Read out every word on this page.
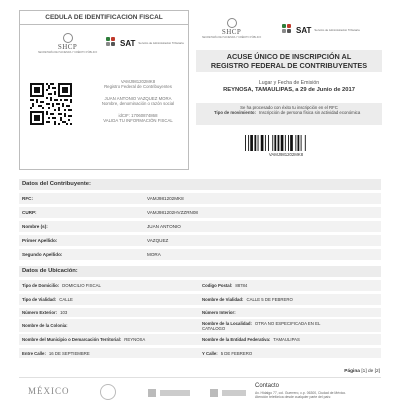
CEDULA DE IDENTIFICACION FISCAL
SHCP
SECRETARÍA DE HACIENDA Y CRÉDITO PÚBLICO
SAT Servicio de Administración Tributaria
VAMJ981202MK8
Registro Federal de Contribuyentes
JUAN ANTONIO VAZQUEZ MORA
Nombre, denominación o razón social
idCIF: 17060874868
VALIDA TU INFORMACIÓN FISCAL
SHCP
SECRETARÍA DE HACIENDA Y CRÉDITO PÚBLICO
SAT Servicio de Administración Tributaria
ACUSE ÚNICO DE INSCRIPCIÓN AL
REGISTRO FEDERAL DE CONTRIBUYENTES
Lugar y Fecha de Emisión
REYNOSA, TAMAULIPAS, a 29 de Junio de 2017
Se ha procesado con éxito tu inscripción en el RFC
Tipo de movimiento: Inscripción de persona física sin actividad económica
VAMJ981202MK8
Datos del Contribuyente:
RFC:	VAMJ981202MK8
CURP:	VAMJ981202HVZZRN08
Nombre (s):	JUAN ANTONIO
Primer Apellido:	VAZQUEZ
Segundo Apellido:	MORA
Datos de Ubicación:
Tipo de Domicilio: DOMICILIO FISCAL	Codigo Postal: 88784
Tipo de Vialidad: CALLE	Nombre de Vialidad: CALLE 5 DE FEBRERO
Número Exterior: 103	Número Interior:
Nombre de la Colonia:	Nombre de la Localidad: OTRA NO ESPECIFICADA EN EL
CATALOGO
Nombre del Municipio o Demarcación Territorial: REYNOSA	Nombre de la Entidad Federativa: TAMAULIPAS
Entre Calle: 16 DE SEPTIEMBRE	Y Calle: 5 DE FEBRERO
Página [1] de [2]
MÉXICO	Contacto
Av. Hidalgo 77, col. Guerrero, c.p. 06300, Ciudad de México.
Atención telefónica desde cualquier parte del país:
